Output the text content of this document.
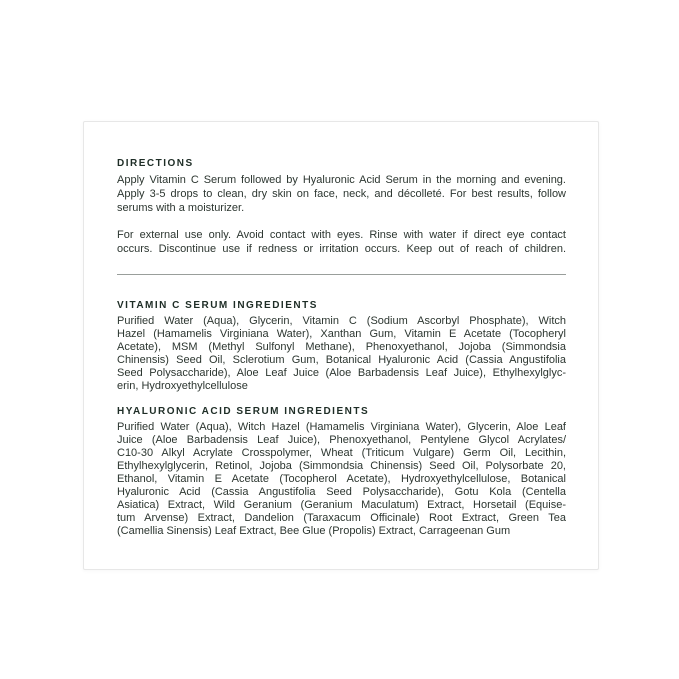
DIRECTIONS
Apply Vitamin C Serum followed by Hyaluronic Acid Serum in the morning and evening.
Apply 3-5 drops to clean, dry skin on face, neck, and décolleté. For best results, follow
serums with a moisturizer.
For external use only. Avoid contact with eyes. Rinse with water if direct eye contact
occurs. Discontinue use if redness or irritation occurs. Keep out of reach of children.
VITAMIN C SERUM INGREDIENTS
Purified Water (Aqua), Glycerin, Vitamin C (Sodium Ascorbyl Phosphate), Witch
Hazel (Hamamelis Virginiana Water), Xanthan Gum, Vitamin E Acetate (Tocopheryl
Acetate), MSM (Methyl Sulfonyl Methane), Phenoxyethanol, Jojoba (Simmondsia
Chinensis) Seed Oil, Sclerotium Gum, Botanical Hyaluronic Acid (Cassia Angustifolia
Seed Polysaccharide), Aloe Leaf Juice (Aloe Barbadensis Leaf Juice), Ethylhexylglyc-
erin, Hydroxyethylcellulose
HYALURONIC ACID SERUM INGREDIENTS
Purified Water (Aqua), Witch Hazel (Hamamelis Virginiana Water), Glycerin, Aloe Leaf
Juice (Aloe Barbadensis Leaf Juice), Phenoxyethanol, Pentylene Glycol Acrylates/
C10-30 Alkyl Acrylate Crosspolymer, Wheat (Triticum Vulgare) Germ Oil, Lecithin,
Ethylhexylglycerin, Retinol, Jojoba (Simmondsia Chinensis) Seed Oil, Polysorbate 20,
Ethanol, Vitamin E Acetate (Tocopherol Acetate), Hydroxyethylcellulose, Botanical
Hyaluronic Acid (Cassia Angustifolia Seed Polysaccharide), Gotu Kola (Centella
Asiatica) Extract, Wild Geranium (Geranium Maculatum) Extract, Horsetail (Equise-
tum Arvense) Extract, Dandelion (Taraxacum Officinale) Root Extract, Green Tea
(Camellia Sinensis) Leaf Extract, Bee Glue (Propolis) Extract, Carrageenan Gum
